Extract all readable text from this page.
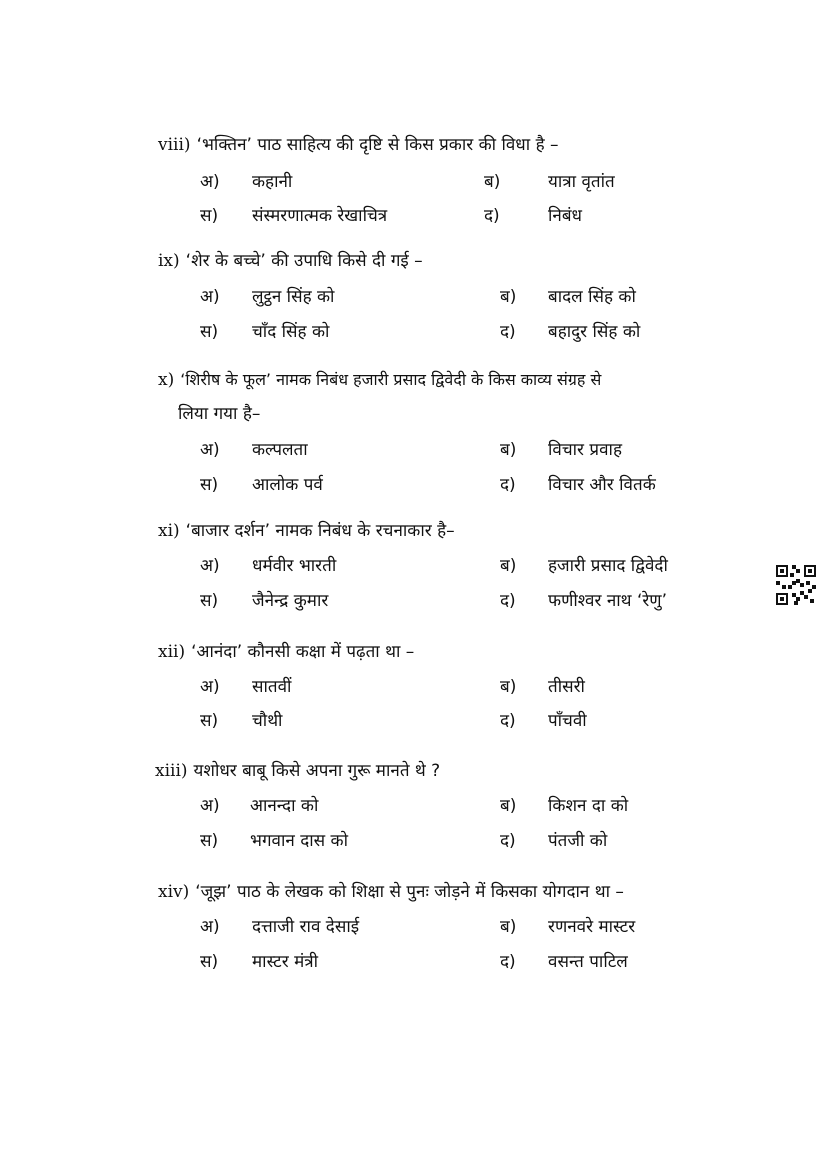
viii) ‘भक्तिन’ पाठ साहित्य की दृष्टि से किस प्रकार की विधा है –
अ) कहानी	ब)	यात्रा वृतांत
स) संस्मरणात्मक रेखाचित्र	द)	निबंध
ix) ‘शेर के बच्चे’ की उपाधि किसे दी गई –
अ) लुट्ठन सिंह को	ब) बादल सिंह को
स) चाँद सिंह को	द) बहादुर सिंह को
x) ‘शिरीष के फूल’ नामक निबंध हजारी प्रसाद द्विवेदी के किस काव्य संग्रह से
लिया गया है–
अ) कल्पलता	ब) विचार प्रवाह
स) आलोक पर्व	द) विचार और वितर्क
xi) ‘बाजार दर्शन’ नामक निबंध के रचनाकार है–
अ) धर्मवीर भारती	ब) हजारी प्रसाद द्विवेदी
स) जैनेन्द्र कुमार	द) फणीश्वर नाथ ‘रेणु’
xii) ‘आनंदा’ कौनसी कक्षा में पढ़ता था –
अ) सातवीं	ब) तीसरी
स) चौथी	द) पाँचवी
xiii) यशोधर बाबू किसे अपना गुरू मानते थे ?
अ) आनन्दा को	ब) किशन दा को
स) भगवान दास को	द) पंतजी को
xiv) ‘जूझ’ पाठ के लेखक को शिक्षा से पुनः जोड़ने में किसका योगदान था –
अ) दत्ताजी राव देसाई	ब) रणनवरे मास्टर
स) मास्टर मंत्री	द) वसन्त पाटिल
